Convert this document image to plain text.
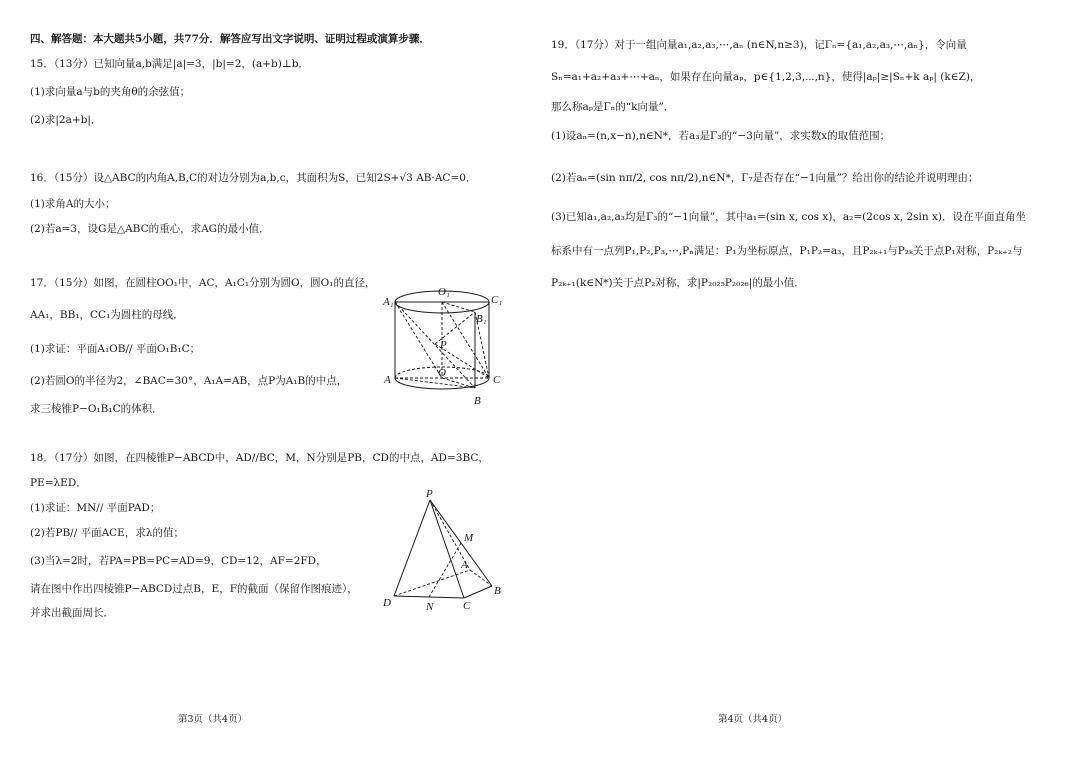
四、解答题：本大题共5小题，共77分．解答应写出文字说明、证明过程或演算步骤．
15．（13分）已知向量a,b满足|a|=3，|b|=2，(a+b)⊥b．
(1)求向量a与b的夹角θ的余弦值；
(2)求|2a+b|．
16．（15分）设△ABC的内角A,B,C的对边分别为a,b,c，其面积为S，已知2S+√3 AB·AC=0．
(1)求角A的大小；
(2)若a=3，设G是△ABC的重心，求AG的最小值．
17．（15分）如图，在圆柱OO₁中，AC，A₁C₁分别为圆O，圆O₁的直径，
AA₁，BB₁，CC₁为圆柱的母线．
(1)求证：平面A₁OB// 平面O₁B₁C；
(2)若圆O的半径为2，∠BAC=30°，A₁A=AB，点P为A₁B的中点，
求三棱锥P−O₁B₁C的体积．
O₁
A₁	C₁
B₁
P
O
A	C
B
18．（17分）如图，在四棱锥P−ABCD中，AD//BC，M，N分别是PB，CD的中点，AD=3BC，
PE=λED．
(1)求证：MN// 平面PAD；
(2)若PB// 平面ACE，求λ的值；
(3)当λ=2时，若PA=PB=PC=AD=9，CD=12，AF=2FD，
请在图中作出四棱锥P−ABCD过点B，E，F的截面（保留作图痕迹），
并求出截面周长．
P
M
A
D	N	C
B
第3页（共4页）
19．（17分）对于一组向量a₁,a₂,a₃,⋯,aₙ (n∈N,n≥3)，记Γₙ={a₁,a₂,a₃,⋯,aₙ}，令向量
Sₙ=a₁+a₂+a₃+⋯+aₙ，如果存在向量aₚ，p∈{1,2,3,⋯,n}，使得|aₚ|≥|Sₙ+k aₚ| (k∈Z)，
那么称aₚ是Γₙ的“k向量”．
(1)设aₙ=(n,x−n),n∈N*，若a₃是Γ₃的“−3向量”，求实数x的取值范围；
(2)若aₙ=(sin nπ/2, cos nπ/2),n∈N*，Γ₇是否存在“−1向量”？给出你的结论并说明理由；
(3)已知a₁,a₂,a₃均是Γ₃的“−1向量”，其中a₁=(sin x, cos x)，a₂=(2cos x, 2sin x)．设在平面直角坐
标系中有一点列P₁,P₂,P₃,⋯,Pₙ满足：P₁为坐标原点，P₁P₂=a₃，且P₂ₖ₊₁与P₂ₖ关于点P₁对称，P₂ₖ₊₂与
P₂ₖ₊₁(k∈N*)关于点P₂对称，求|P₂₀₂₅P₂₀₂₆|的最小值．
第4页（共4页）
